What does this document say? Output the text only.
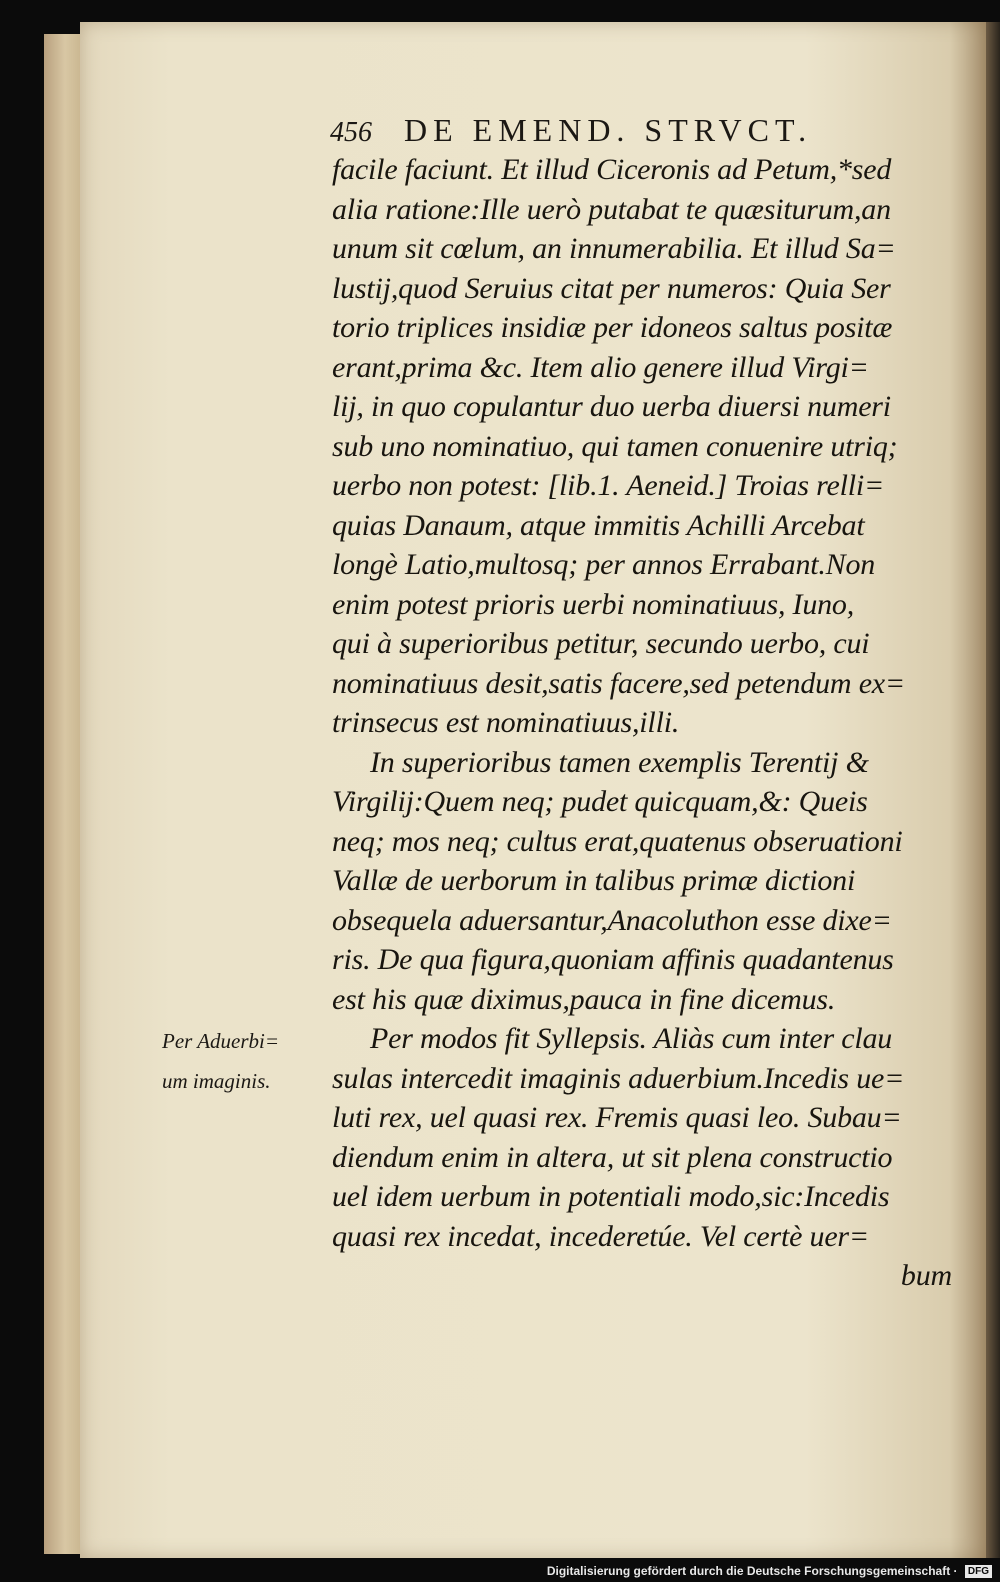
456 DE EMEND. STRVCT.
facile faciunt. Et illud Ciceronis ad Petum,*sed
alia ratione:Ille uerò putabat te quæsiturum,an
unum sit cœlum, an innumerabilia. Et illud Sa=
lustij,quod Seruius citat per numeros: Quia Ser
torio triplices insidiæ per idoneos saltus positæ
erant,prima &c. Item alio genere illud Virgi=
lij, in quo copulantur duo uerba diuersi numeri
sub uno nominatiuo, qui tamen conuenire utriq;
uerbo non potest: [lib.1. Aeneid.] Troias relli=
quias Danaum, atque immitis Achilli Arcebat
longè Latio,multosq; per annos Errabant.Non
enim potest prioris uerbi nominatiuus, Iuno,
qui à superioribus petitur, secundo uerbo, cui
nominatiuus desit,satis facere,sed petendum ex=
trinsecus est nominatiuus,illi.
In superioribus tamen exemplis Terentij &
Virgilij:Quem neq; pudet quicquam,&: Queis
neq; mos neq; cultus erat,quatenus obseruationi
Vallæ de uerborum in talibus primæ dictioni
obsequela aduersantur,Anacoluthon esse dixe=
ris. De qua figura,quoniam affinis quadantenus
est his quæ diximus,pauca in fine dicemus.
Per modos fit Syllepsis. Aliàs cum inter clau
sulas intercedit imaginis aduerbium.Incedis ue=
luti rex, uel quasi rex. Fremis quasi leo. Subau=
diendum enim in altera, ut sit plena constructio
uel idem uerbum in potentiali modo,sic:Incedis
quasi rex incedat, incederetúe. Vel certè uer=
bum
Per Aduerbi=
um imaginis.
Digitalisierung gefördert durch die Deutsche Forschungsgemeinschaft · DFG
